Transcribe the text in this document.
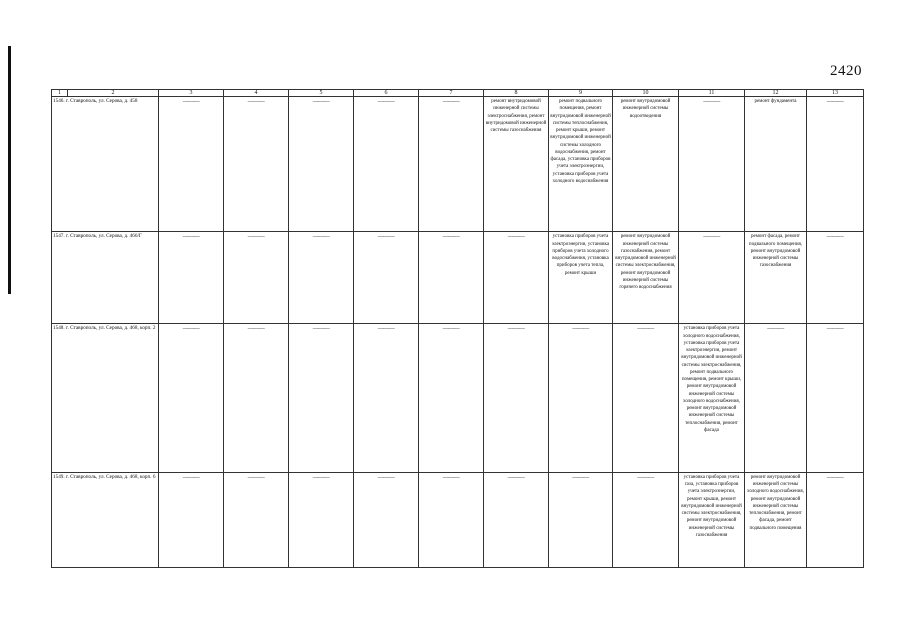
2420
1	2	3	4	5	6	7	8	9	10	11	12	13
1546. г. Ставрополь, ул. Серова, д. 458		———	———	———	———	———	ремонт внутридомовой инженерной системы электроснабжения, ремонт внутридомовой инженерной системы газоснабжения	ремонт подвального помещения, ремонт внутридомовой инженерной системы теплоснабжения, ремонт крыши, ремонт внутридомовой инженерной системы холодного водоснабжения, ремонт фасада, установка приборов учета электроэнергии, установка приборов учета холодного водоснабжения	ремонт внутридомовой инженерной системы водоотведения	———	ремонт фундамента	———
1547. г. Ставрополь, ул. Серова, д. 466/Г		———	———	———	———	———	———	установка приборов учета электроэнергии, установка приборов учета холодного водоснабжения, установка приборов учета тепла, ремонт крыши	ремонт внутридомовой инженерной системы газоснабжения, ремонт внутридомовой инженерной системы электроснабжения, ремонт внутридомовой инженерной системы горячего водоснабжения	———	ремонт фасада, ремонт подвального помещения, ремонт внутридомовой инженерной системы газоснабжения	———
1548. г. Ставрополь, ул. Серова, д. 468, корп. 2		———	———	———	———	———	———	———	———	установка приборов учета холодного водоснабжения, установка приборов учета электроэнергии, ремонт внутридомовой инженерной системы электроснабжения, ремонт подвального помещения, ремонт крыши, ремонт внутридомовой инженерной системы холодного водоснабжения, ремонт внутридомовой инженерной системы теплоснабжения, ремонт фасада	———	———
1549. г. Ставрополь, ул. Серова, д. 468, корп. 6		———	———	———	———	———	———	———	———	установка приборов учета газа, установка приборов учета электроэнергии, ремонт крыши, ремонт внутридомовой инженерной системы электроснабжения, ремонт внутридомовой инженерной системы газоснабжения	ремонт внутридомовой инженерной системы холодного водоснабжения, ремонт внутридомовой инженерной системы теплоснабжения, ремонт фасада, ремонт подвального помещения	———
